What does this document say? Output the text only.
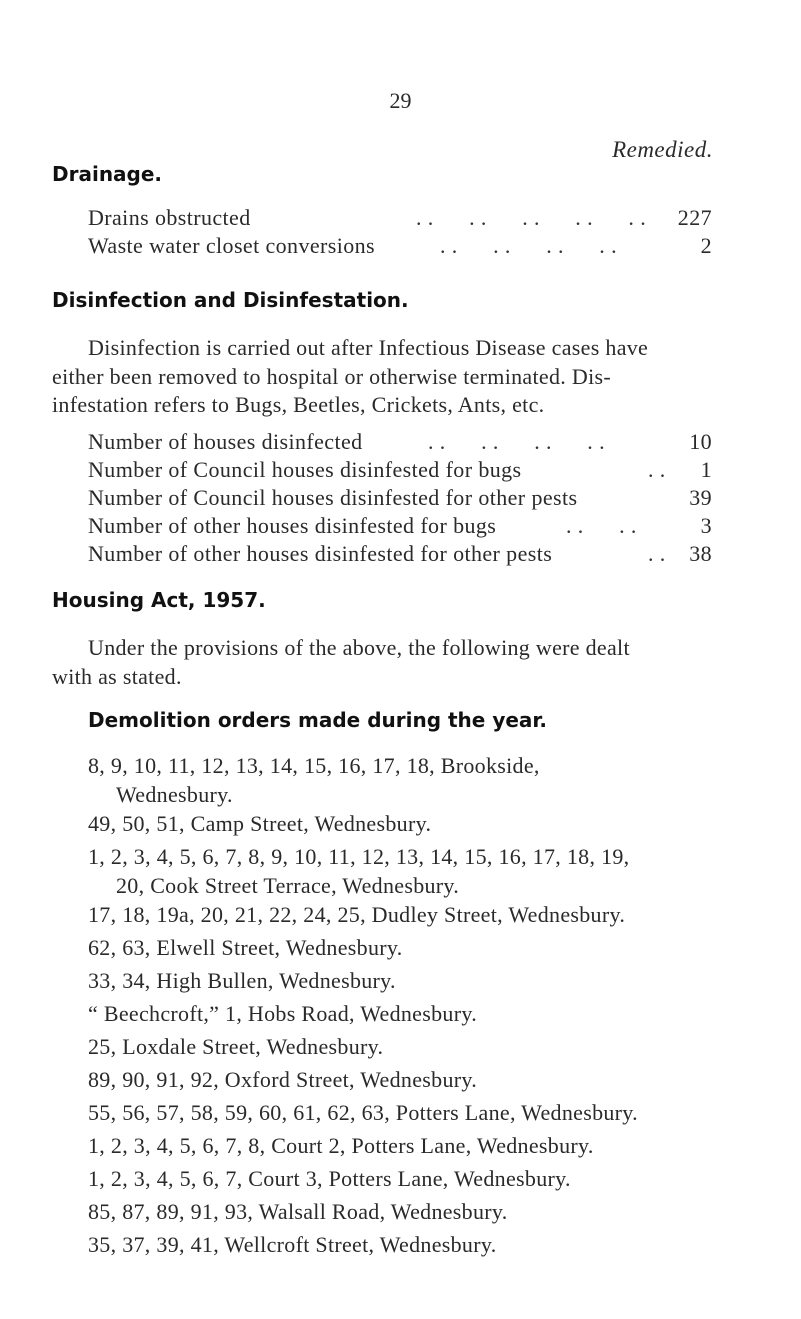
29
Remedied.
Drainage.
Drains obstructed	. .      . .      . .      . .      . . 227
Waste water closet conversions	. .      . .      . .      . .	2
Disinfection and Disinfestation.
Disinfection is carried out after Infectious Disease cases have
either been removed to hospital or otherwise terminated. Dis-
infestation refers to Bugs, Beetles, Crickets, Ants, etc.
Number of houses disinfected	. .      . .      . .      . .	10
Number of Council houses disinfested for bugs	. . 1
Number of Council houses disinfested for other pests	39
Number of other houses disinfested for bugs	. .      . .	3
Number of other houses disinfested for other pests	. . 38
Housing Act, 1957.
Under the provisions of the above, the following were dealt
with as stated.
Demolition orders made during the year.
8, 9, 10, 11, 12, 13, 14, 15, 16, 17, 18, Brookside,
Wednesbury.
49, 50, 51, Camp Street, Wednesbury.
1, 2, 3, 4, 5, 6, 7, 8, 9, 10, 11, 12, 13, 14, 15, 16, 17, 18, 19,
20, Cook Street Terrace, Wednesbury.
17, 18, 19a, 20, 21, 22, 24, 25, Dudley Street, Wednesbury.
62, 63, Elwell Street, Wednesbury.
33, 34, High Bullen, Wednesbury.
“ Beechcroft,” 1, Hobs Road, Wednesbury.
25, Loxdale Street, Wednesbury.
89, 90, 91, 92, Oxford Street, Wednesbury.
55, 56, 57, 58, 59, 60, 61, 62, 63, Potters Lane, Wednesbury.
1, 2, 3, 4, 5, 6, 7, 8, Court 2, Potters Lane, Wednesbury.
1, 2, 3, 4, 5, 6, 7, Court 3, Potters Lane, Wednesbury.
85, 87, 89, 91, 93, Walsall Road, Wednesbury.
35, 37, 39, 41, Wellcroft Street, Wednesbury.
